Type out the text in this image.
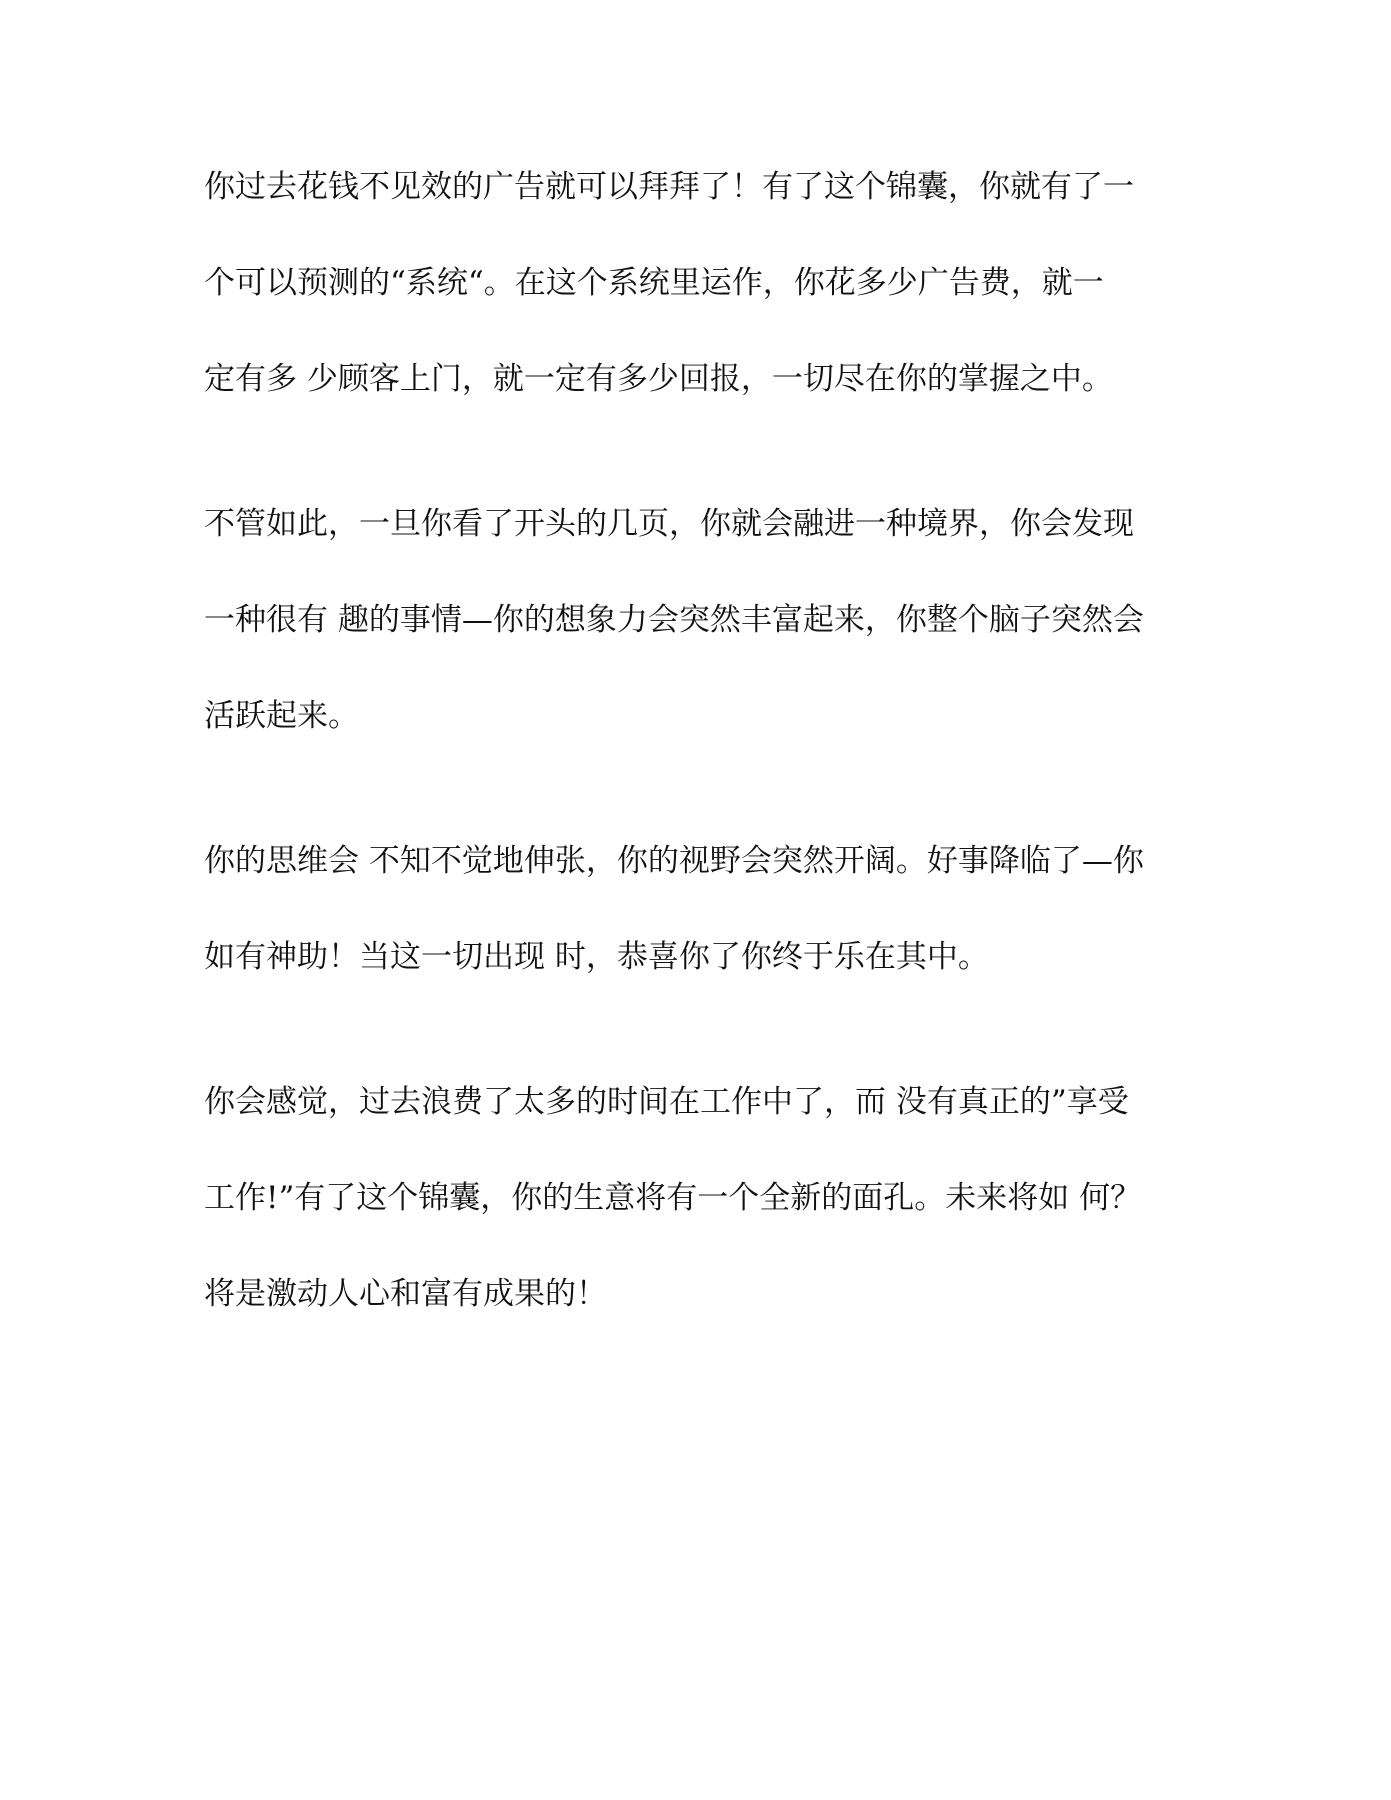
你过去花钱不见效的广告就可以拜拜了！有了这个锦囊，你就有了一
个可以预测的“系统“。在这个系统里运作，你花多少广告费，就一
定有多 少顾客上门，就一定有多少回报，一切尽在你的掌握之中。
不管如此，一旦你看了开头的几页，你就会融进一种境界，你会发现
一种很有 趣的事情—你的想象力会突然丰富起来，你整个脑子突然会
活跃起来。
你的思维会 不知不觉地伸张，你的视野会突然开阔。好事降临了—你
如有神助！当这一切出现 时，恭喜你了你终于乐在其中。
你会感觉，过去浪费了太多的时间在工作中了，而 没有真正的”享受
工作!”有了这个锦囊，你的生意将有一个全新的面孔。未来将如 何？
将是激动人心和富有成果的！
